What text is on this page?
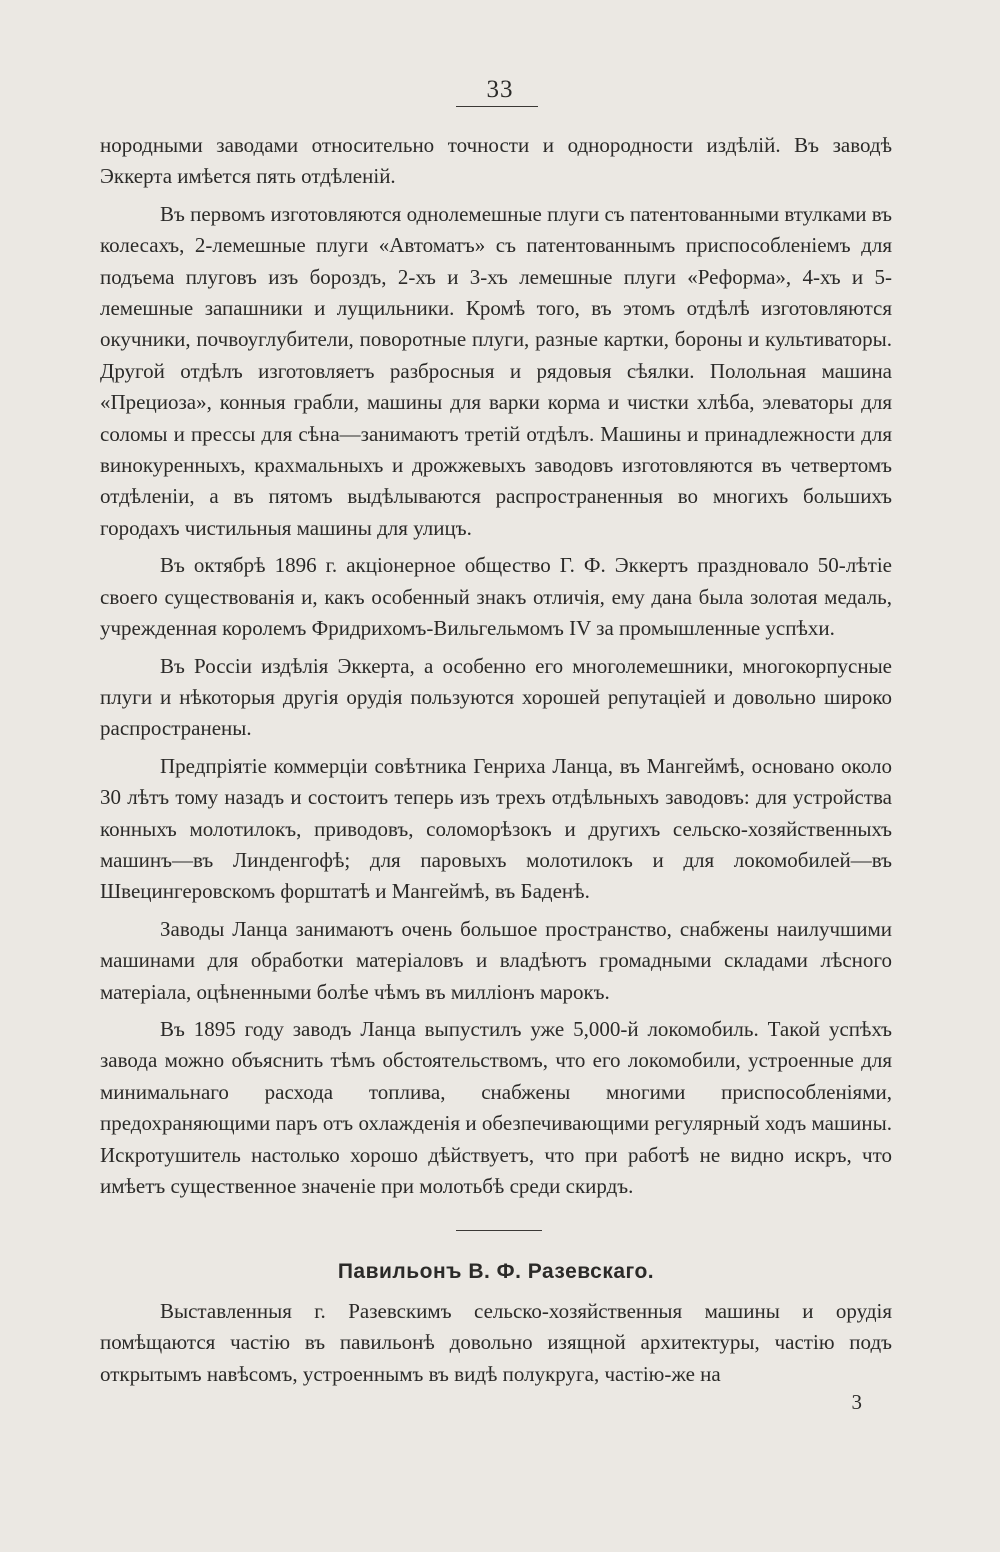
33

нородными заводами относительно точности и однородности издѣлій. Въ заводѣ Эккерта имѣется пять отдѣленій.

Въ первомъ изготовляются однолемешные плуги съ патентованными втулками въ колесахъ, 2-лемешные плуги «Автоматъ» съ патентованнымъ приспособленіемъ для подъема плуговъ изъ бороздъ, 2-хъ и 3-хъ лемешные плуги «Реформа», 4-хъ и 5-лемешные запашники и лущильники. Кромѣ того, въ этомъ отдѣлѣ изготовляются окучники, почвоуглубители, поворотные плуги, разные картки, бороны и культиваторы. Другой отдѣлъ изготовляетъ разбросныя и рядовыя сѣялки. Полольная машина «Прециоза», конныя грабли, машины для варки корма и чистки хлѣба, элеваторы для соломы и прессы для сѣна—занимаютъ третій отдѣлъ. Машины и принадлежности для винокуренныхъ, крахмальныхъ и дрожжевыхъ заводовъ изготовляются въ четвертомъ отдѣленіи, а въ пятомъ выдѣлываются распространенныя во многихъ большихъ городахъ чистильныя машины для улицъ.

Въ октябрѣ 1896 г. акціонерное общество Г. Ф. Эккертъ праздновало 50-лѣтіе своего существованія и, какъ особенный знакъ отличія, ему дана была золотая медаль, учрежденная королемъ Фридрихомъ-Вильгельмомъ IV за промышленные успѣхи.

Въ Россіи издѣлія Эккерта, а особенно его многолемешники, многокорпусные плуги и нѣкоторыя другія орудія пользуются хорошей репутаціей и довольно широко распространены.

Предпріятіе коммерціи совѣтника Генриха Ланца, въ Мангеймѣ, основано около 30 лѣтъ тому назадъ и состоитъ теперь изъ трехъ отдѣльныхъ заводовъ: для устройства конныхъ молотилокъ, приводовъ, соломорѣзокъ и другихъ сельско-хозяйственныхъ машинъ—въ Линденгофѣ; для паровыхъ молотилокъ и для локомобилей—въ Швецингеровскомъ форштатѣ и Мангеймѣ, въ Баденѣ.

Заводы Ланца занимаютъ очень большое пространство, снабжены наилучшими машинами для обработки матеріаловъ и владѣютъ громадными складами лѣсного матеріала, оцѣненными болѣе чѣмъ въ милліонъ марокъ.

Въ 1895 году заводъ Ланца выпустилъ уже 5,000-й локомобиль. Такой успѣхъ завода можно объяснить тѣмъ обстоятельствомъ, что его локомобили, устроенные для минимальнаго расхода топлива, снабжены многими приспособленіями, предохраняющими паръ отъ охлажденія и обезпечивающими регулярный ходъ машины. Искротушитель настолько хорошо дѣйствуетъ, что при работѣ не видно искръ, что имѣетъ существенное значеніе при молотьбѣ среди скирдъ.

Павильонъ В. Ф. Разевскаго.

Выставленныя г. Разевскимъ сельско-хозяйственныя машины и орудія помѣщаются частію въ павильонѣ довольно изящной архитектуры, частію подъ открытымъ навѣсомъ, устроеннымъ въ видѣ полукруга, частію-же на

3
